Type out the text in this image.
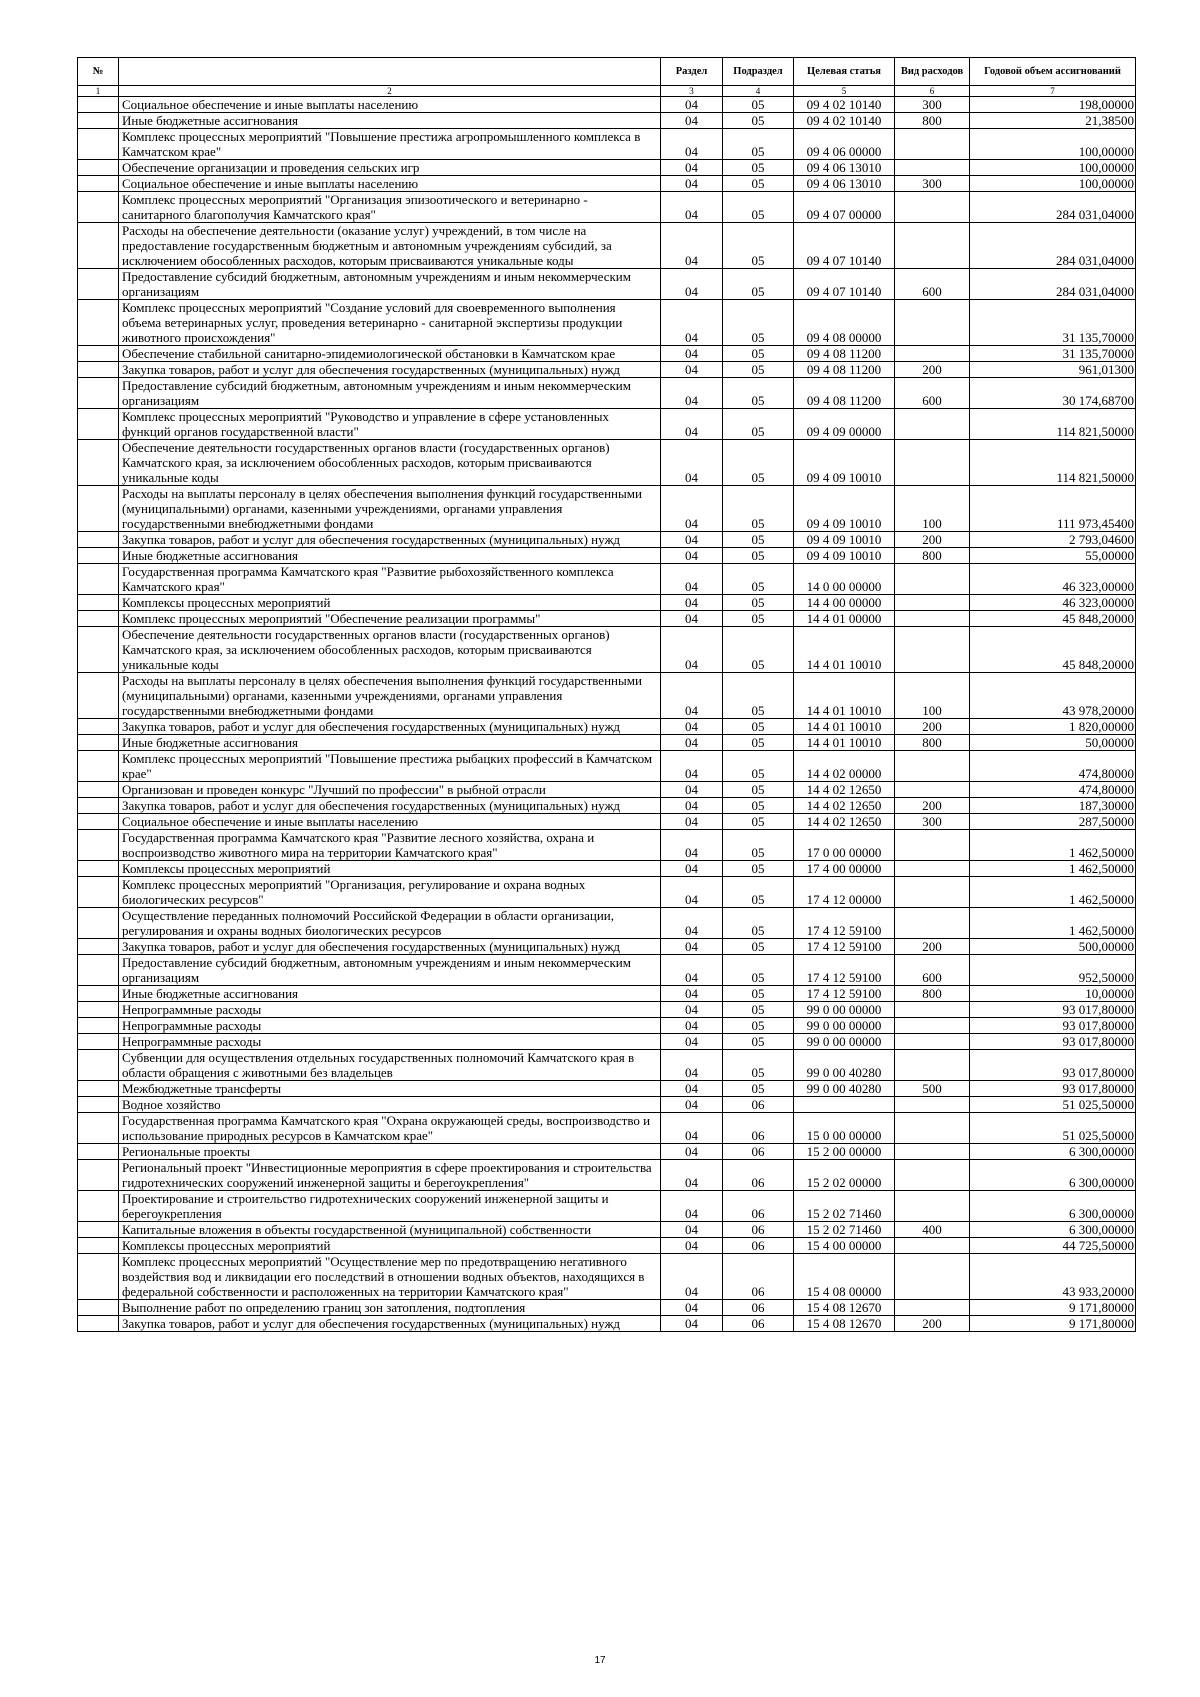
№		Раздел	Подраздел	Целевая статья	Вид расходов	Годовой объем ассигнований
1	2	3	4	5	6	7
	Социальное обеспечение и иные выплаты населению	04	05	09 4 02 10140	300	198,00000
	Иные бюджетные ассигнования	04	05	09 4 02 10140	800	21,38500
	Комплекс процессных мероприятий "Повышение престижа агропромышленного комплекса в Камчатском крае"	04	05	09 4 06 00000		100,00000
	Обеспечение организации и проведения сельских игр	04	05	09 4 06 13010		100,00000
	Социальное обеспечение и иные выплаты населению	04	05	09 4 06 13010	300	100,00000
	Комплекс процессных мероприятий "Организация эпизоотического и ветеринарно - санитарного благополучия Камчатского края"	04	05	09 4 07 00000		284 031,04000
	Расходы на обеспечение деятельности (оказание услуг) учреждений, в том числе на предоставление государственным бюджетным и автономным учреждениям субсидий, за исключением обособленных расходов, которым присваиваются уникальные коды	04	05	09 4 07 10140		284 031,04000
	Предоставление субсидий бюджетным, автономным учреждениям и иным некоммерческим организациям	04	05	09 4 07 10140	600	284 031,04000
	Комплекс процессных мероприятий "Создание условий для своевременного выполнения объема ветеринарных услуг, проведения ветеринарно - санитарной экспертизы продукции животного происхождения"	04	05	09 4 08 00000		31 135,70000
	Обеспечение стабильной санитарно-эпидемиологической обстановки в Камчатском крае	04	05	09 4 08 11200		31 135,70000
	Закупка товаров, работ и услуг для обеспечения государственных (муниципальных) нужд	04	05	09 4 08 11200	200	961,01300
	Предоставление субсидий бюджетным, автономным учреждениям и иным некоммерческим организациям	04	05	09 4 08 11200	600	30 174,68700
	Комплекс процессных мероприятий "Руководство и управление в сфере установленных функций органов государственной власти"	04	05	09 4 09 00000		114 821,50000
	Обеспечение деятельности государственных органов власти (государственных органов) Камчатского края, за исключением обособленных расходов, которым присваиваются уникальные коды	04	05	09 4 09 10010		114 821,50000
	Расходы на выплаты персоналу в целях обеспечения выполнения функций государственными (муниципальными) органами, казенными учреждениями, органами управления государственными внебюджетными фондами	04	05	09 4 09 10010	100	111 973,45400
	Закупка товаров, работ и услуг для обеспечения государственных (муниципальных) нужд	04	05	09 4 09 10010	200	2 793,04600
	Иные бюджетные ассигнования	04	05	09 4 09 10010	800	55,00000
	Государственная программа Камчатского края "Развитие рыбохозяйственного комплекса Камчатского края"	04	05	14 0 00 00000		46 323,00000
	Комплексы процессных мероприятий	04	05	14 4 00 00000		46 323,00000
	Комплекс процессных мероприятий "Обеспечение реализации программы"	04	05	14 4 01 00000		45 848,20000
	Обеспечение деятельности государственных органов власти (государственных органов) Камчатского края, за исключением обособленных расходов, которым присваиваются уникальные коды	04	05	14 4 01 10010		45 848,20000
	Расходы на выплаты персоналу в целях обеспечения выполнения функций государственными (муниципальными) органами, казенными учреждениями, органами управления государственными внебюджетными фондами	04	05	14 4 01 10010	100	43 978,20000
	Закупка товаров, работ и услуг для обеспечения государственных (муниципальных) нужд	04	05	14 4 01 10010	200	1 820,00000
	Иные бюджетные ассигнования	04	05	14 4 01 10010	800	50,00000
	Комплекс процессных мероприятий "Повышение престижа рыбацких профессий в Камчатском крае"	04	05	14 4 02 00000		474,80000
	Организован и проведен конкурс "Лучший по профессии" в рыбной отрасли	04	05	14 4 02 12650		474,80000
	Закупка товаров, работ и услуг для обеспечения государственных (муниципальных) нужд	04	05	14 4 02 12650	200	187,30000
	Социальное обеспечение и иные выплаты населению	04	05	14 4 02 12650	300	287,50000
	Государственная программа Камчатского края "Развитие лесного хозяйства, охрана и воспроизводство животного мира на территории Камчатского края"	04	05	17 0 00 00000		1 462,50000
	Комплексы процессных мероприятий	04	05	17 4 00 00000		1 462,50000
	Комплекс процессных мероприятий "Организация, регулирование и охрана водных биологических ресурсов"	04	05	17 4 12 00000		1 462,50000
	Осуществление переданных полномочий Российской Федерации в области организации, регулирования и охраны водных биологических ресурсов	04	05	17 4 12 59100		1 462,50000
	Закупка товаров, работ и услуг для обеспечения государственных (муниципальных) нужд	04	05	17 4 12 59100	200	500,00000
	Предоставление субсидий бюджетным, автономным учреждениям и иным некоммерческим организациям	04	05	17 4 12 59100	600	952,50000
	Иные бюджетные ассигнования	04	05	17 4 12 59100	800	10,00000
	Непрограммные расходы	04	05	99 0 00 00000		93 017,80000
	Непрограммные расходы	04	05	99 0 00 00000		93 017,80000
	Непрограммные расходы	04	05	99 0 00 00000		93 017,80000
	Субвенции для осуществления отдельных государственных полномочий Камчатского края в области обращения с животными без владельцев	04	05	99 0 00 40280		93 017,80000
	Межбюджетные трансферты	04	05	99 0 00 40280	500	93 017,80000
	Водное хозяйство	04	06			51 025,50000
	Государственная программа Камчатского края "Охрана окружающей среды, воспроизводство и использование природных ресурсов в Камчатском крае"	04	06	15 0 00 00000		51 025,50000
	Региональные проекты	04	06	15 2 00 00000		6 300,00000
	Региональный проект "Инвестиционные мероприятия в сфере проектирования и строительства гидротехнических сооружений инженерной защиты и берегоукрепления"	04	06	15 2 02 00000		6 300,00000
	Проектирование и строительство гидротехнических сооружений инженерной защиты и берегоукрепления	04	06	15 2 02 71460		6 300,00000
	Капитальные вложения в объекты государственной (муниципальной) собственности	04	06	15 2 02 71460	400	6 300,00000
	Комплексы процессных мероприятий	04	06	15 4 00 00000		44 725,50000
	Комплекс процессных мероприятий "Осуществление мер по предотвращению негативного воздействия вод и ликвидации его последствий в отношении водных объектов, находящихся в федеральной собственности и расположенных на территории Камчатского края"	04	06	15 4 08 00000		43 933,20000
	Выполнение работ по определению границ зон затопления, подтопления	04	06	15 4 08 12670		9 171,80000
	Закупка товаров, работ и услуг для обеспечения государственных (муниципальных) нужд	04	06	15 4 08 12670	200	9 171,80000
17
